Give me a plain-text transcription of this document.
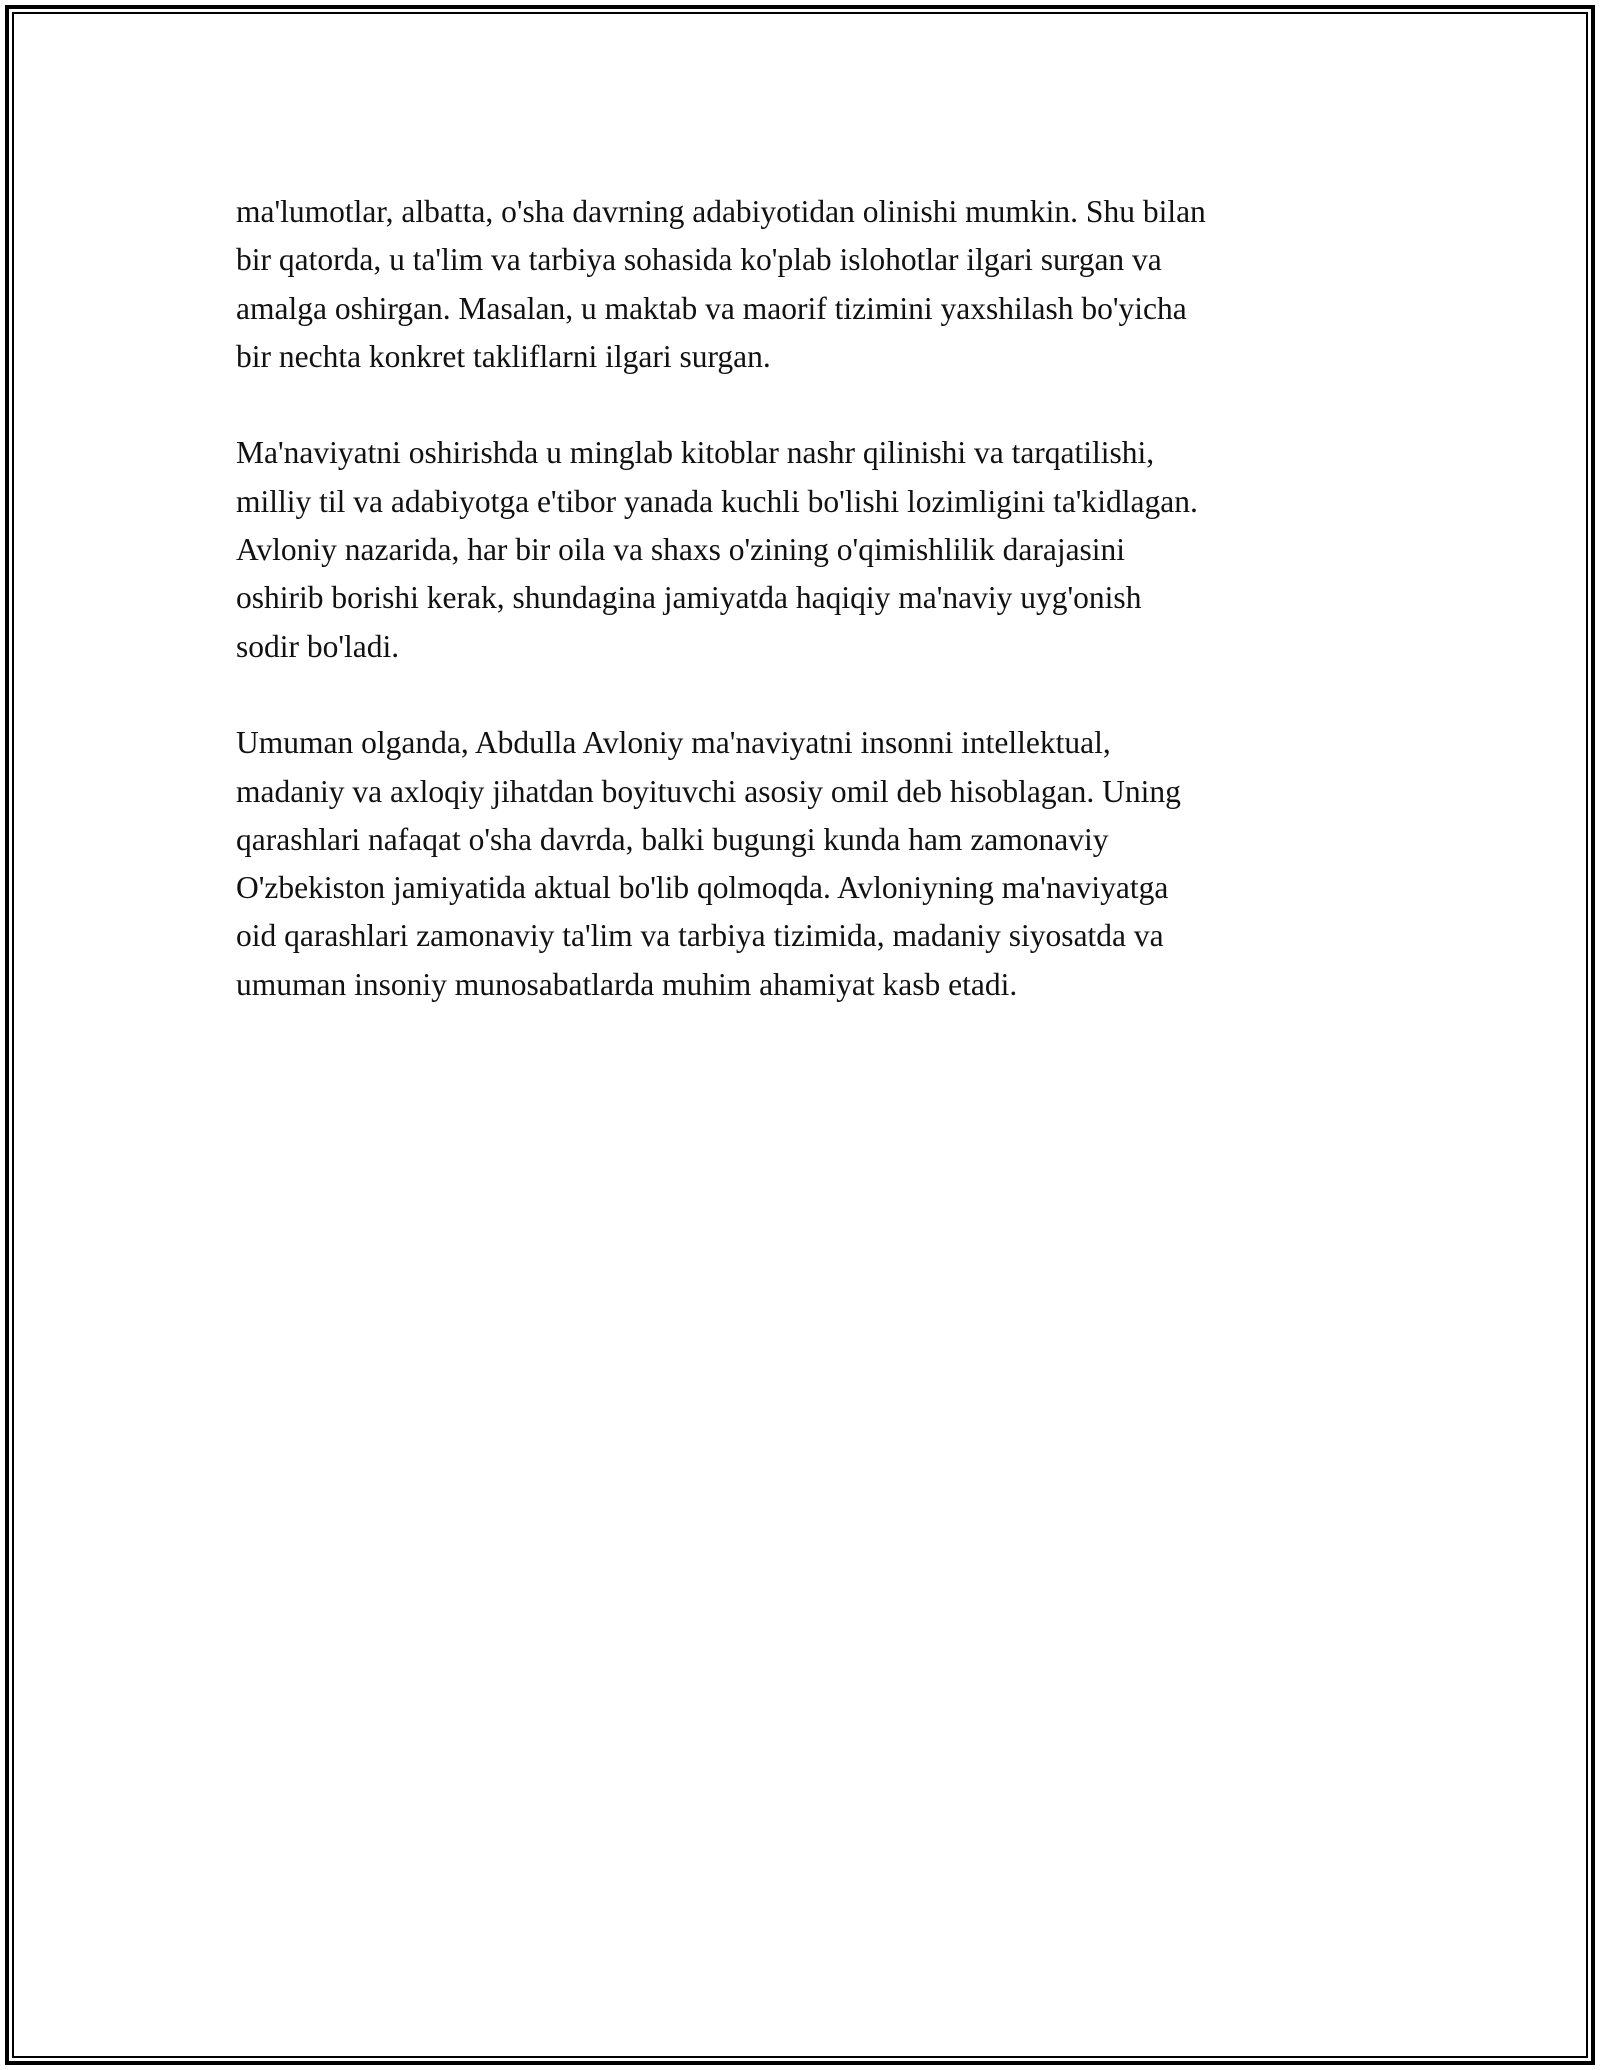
ma'lumotlar, albatta, o'sha davrning adabiyotidan olinishi mumkin. Shu bilan
bir qatorda, u ta'lim va tarbiya sohasida ko'plab islohotlar ilgari surgan va
amalga oshirgan. Masalan, u maktab va maorif tizimini yaxshilash bo'yicha
bir nechta konkret takliflarni ilgari surgan.

Ma'naviyatni oshirishda u minglab kitoblar nashr qilinishi va tarqatilishi,
milliy til va adabiyotga e'tibor yanada kuchli bo'lishi lozimligini ta'kidlagan.
Avloniy nazarida, har bir oila va shaxs o'zining o'qimishlilik darajasini
oshirib borishi kerak, shundagina jamiyatda haqiqiy ma'naviy uyg'onish
sodir bo'ladi.

Umuman olganda, Abdulla Avloniy ma'naviyatni insonni intellektual,
madaniy va axloqiy jihatdan boyituvchi asosiy omil deb hisoblagan. Uning
qarashlari nafaqat o'sha davrda, balki bugungi kunda ham zamonaviy
O'zbekiston jamiyatida aktual bo'lib qolmoqda. Avloniyning ma'naviyatga
oid qarashlari zamonaviy ta'lim va tarbiya tizimida, madaniy siyosatda va
umuman insoniy munosabatlarda muhim ahamiyat kasb etadi.
